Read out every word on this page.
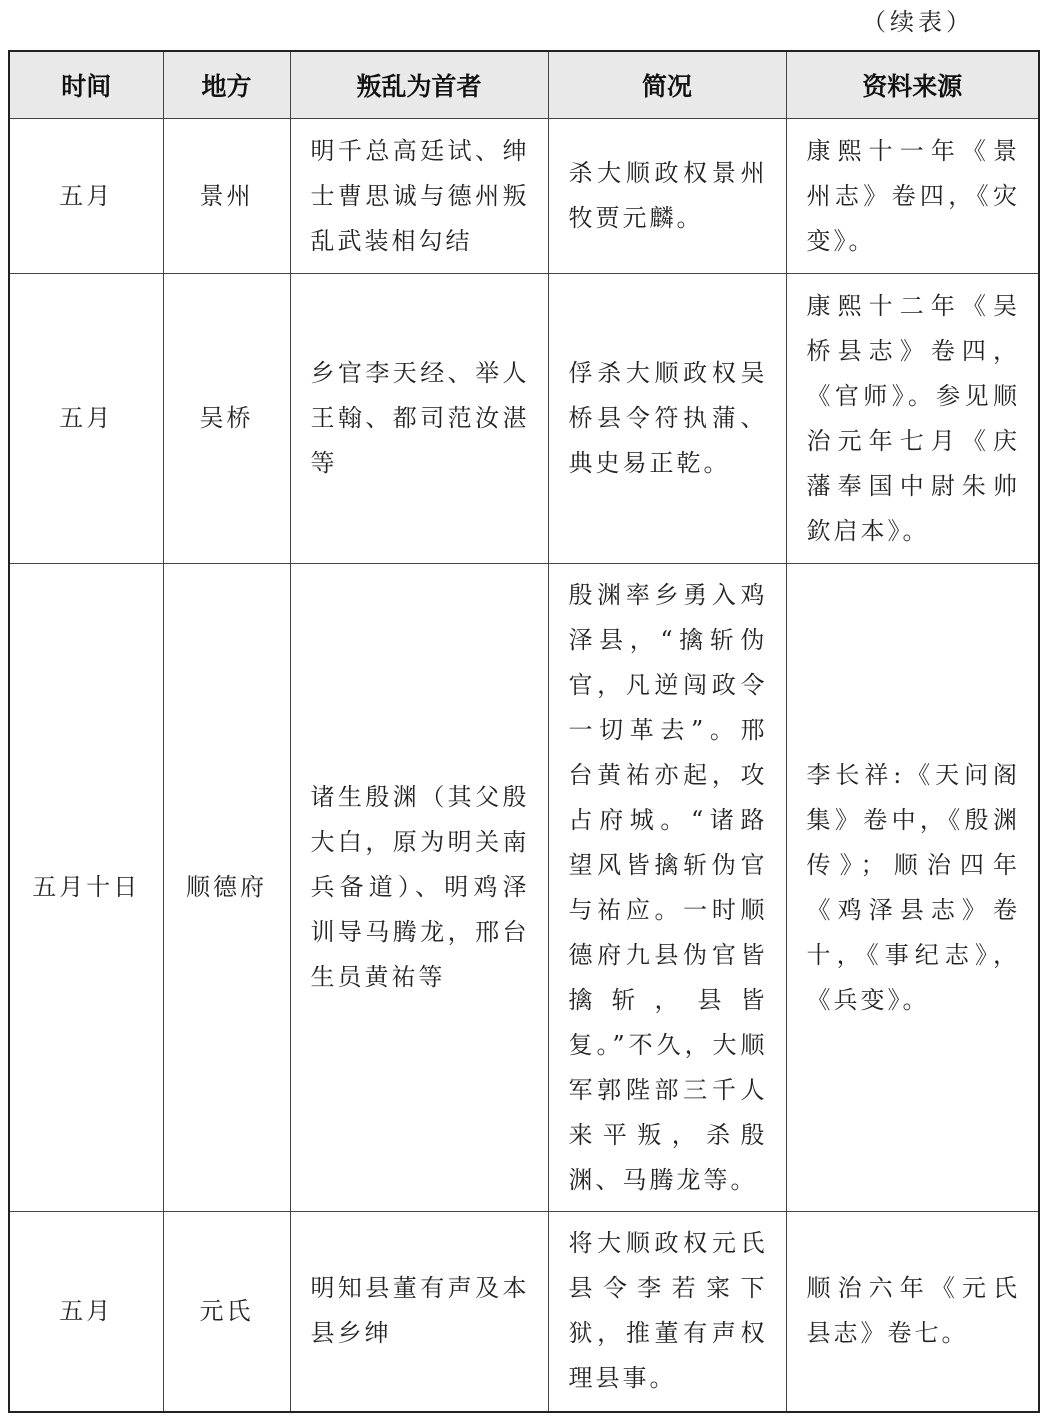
（续表）
时间	地方	叛乱为首者	简况	资料来源
五月	景州	明千总高廷试、绅士曹思诚与德州叛乱武装相勾结	杀大顺政权景州牧贾元麟。	康熙十一年《景州志》卷四，《灾变》。
五月	吴桥	乡官李天经、举人王翰、都司范汝湛等	俘杀大顺政权吴桥县令符执蒲、典史易正乾。	康熙十二年《吴桥县志》卷四，《官师》。参见顺治元年七月《庆藩奉国中尉朱帅欽启本》。
五月十日	顺德府	诸生殷渊（其父殷大白，原为明关南兵备道）、明鸡泽训导马腾龙，邢台生员黄祐等	殷渊率乡勇入鸡泽县，“擒斩伪官，凡逆闯政令一切革去”。邢台黄祐亦起，攻占府城。“诸路望风皆擒斩伪官与祐应。一时顺德府九县伪官皆擒斩，县皆复。”不久，大顺军郭陛部三千人来平叛，杀殷渊、马腾龙等。	李长祥:《天问阁集》卷中，《殷渊传》；顺治四年《鸡泽县志》卷十，《事纪志》，《兵变》。
五月	元氏	明知县董有声及本县乡绅	将大顺政权元氏县令李若寀下狱，推董有声权理县事。	顺治六年《元氏县志》卷七。
